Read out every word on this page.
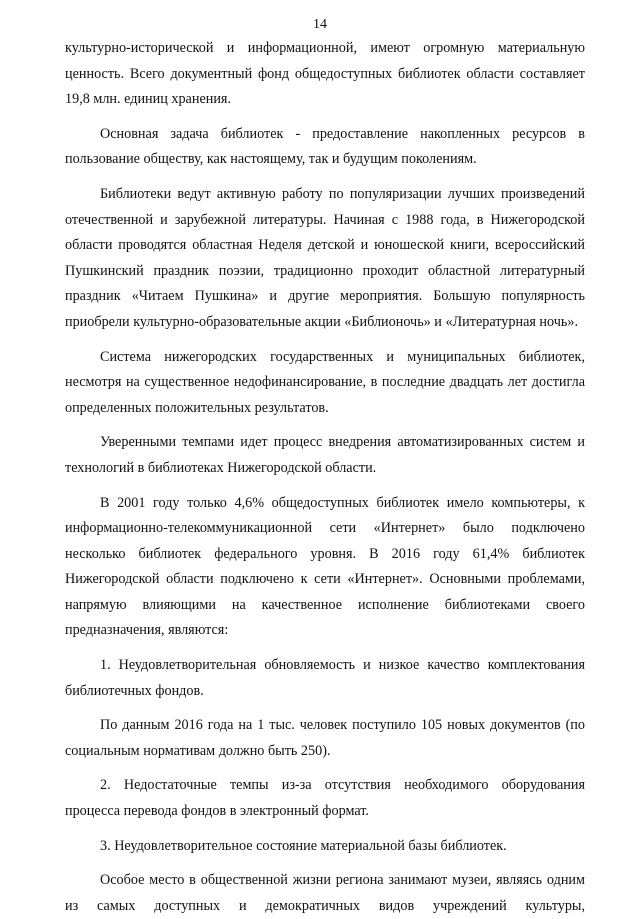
14

культурно-исторической и информационной, имеют огромную материальную ценность. Всего документный фонд общедоступных библиотек области составляет 19,8 млн. единиц хранения.

Основная задача библиотек - предоставление накопленных ресурсов в пользование обществу, как настоящему, так и будущим поколениям.

Библиотеки ведут активную работу по популяризации лучших произведений отечественной и зарубежной литературы. Начиная с 1988 года, в Нижегородской области проводятся областная Неделя детской и юношеской книги, всероссийский Пушкинский праздник поэзии, традиционно проходит областной литературный праздник «Читаем Пушкина» и другие мероприятия. Большую популярность приобрели культурно-образовательные акции «Библионочь» и «Литературная ночь».

Система нижегородских государственных и муниципальных библиотек, несмотря на существенное недофинансирование, в последние двадцать лет достигла определенных положительных результатов.

Уверенными темпами идет процесс внедрения автоматизированных систем и технологий в библиотеках Нижегородской области.

В 2001 году только 4,6% общедоступных библиотек имело компьютеры, к информационно-телекоммуникационной сети «Интернет» было подключено несколько библиотек федерального уровня. В 2016 году 61,4% библиотек Нижегородской области подключено к сети «Интернет». Основными проблемами, напрямую влияющими на качественное исполнение библиотеками своего предназначения, являются:

1. Неудовлетворительная обновляемость и низкое качество комплектования библиотечных фондов.

По данным 2016 года на 1 тыс. человек поступило 105 новых документов (по социальным нормативам должно быть 250).

2. Недостаточные темпы из-за отсутствия необходимого оборудования процесса перевода фондов в электронный формат.

3. Неудовлетворительное состояние материальной базы библиотек.

Особое место в общественной жизни региона занимают музеи, являясь одним из самых доступных и демократичных видов учреждений культуры,
